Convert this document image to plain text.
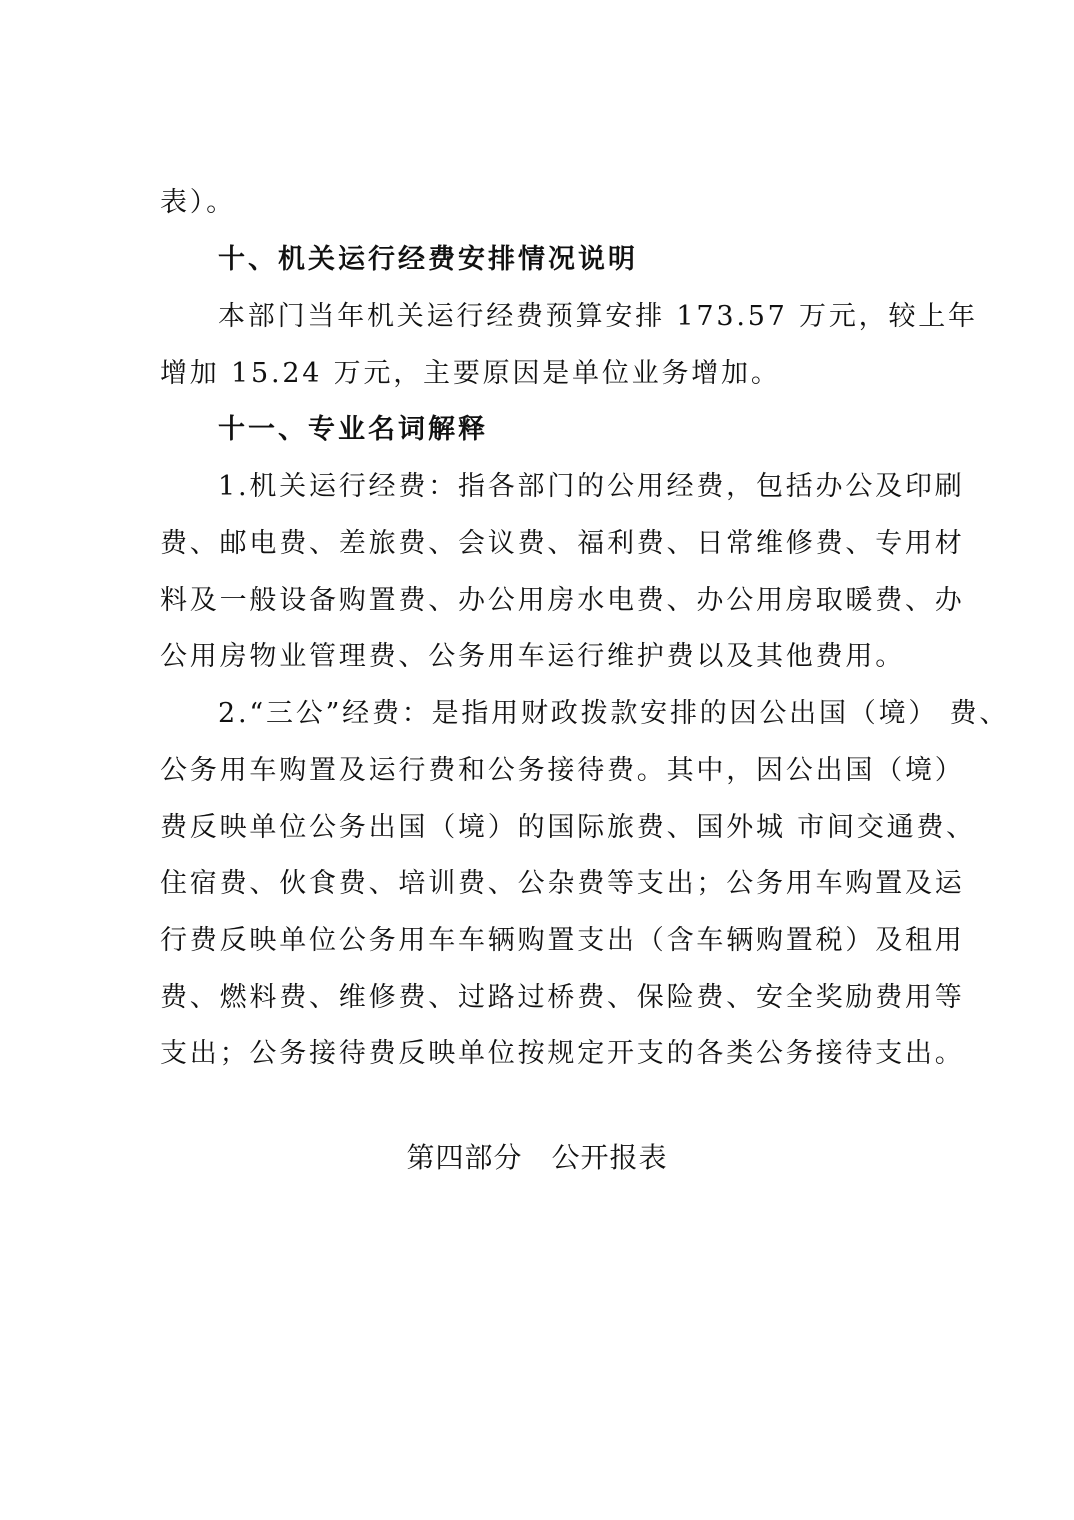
表）。
十、机关运行经费安排情况说明
本部门当年机关运行经费预算安排 173.57 万元，较上年
增加 15.24 万元，主要原因是单位业务增加。
十一、专业名词解释
1.机关运行经费：指各部门的公用经费，包括办公及印刷
费、邮电费、差旅费、会议费、福利费、日常维修费、专用材
料及一般设备购置费、办公用房水电费、办公用房取暖费、办
公用房物业管理费、公务用车运行维护费以及其他费用。
2.“三公”经费：是指用财政拨款安排的因公出国（境） 费、
公务用车购置及运行费和公务接待费。其中，因公出国（境）
费反映单位公务出国（境）的国际旅费、国外城 市间交通费、
住宿费、伙食费、培训费、公杂费等支出；公务用车购置及运
行费反映单位公务用车车辆购置支出（含车辆购置税）及租用
费、燃料费、维修费、过路过桥费、保险费、安全奖励费用等
支出；公务接待费反映单位按规定开支的各类公务接待支出。
第四部分　公开报表
